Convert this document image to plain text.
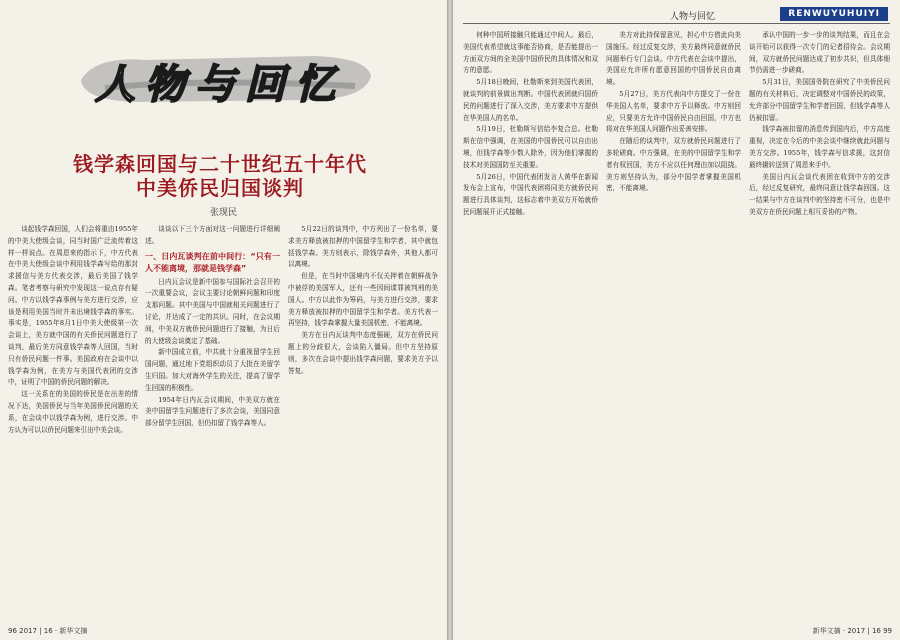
人物与回忆
钱学森回国与二十世纪五十年代
中美侨民归国谈判
张现民

谈起钱学森回国，人们会将重由1955年的中美大使级会谈，同当时国广泛流传着这样一样说点。在周恩来的指示下，中方代表在中美大使级会谈中利用钱学森写给的那封求援信与美方代表交涉，最后美国了钱学森。笔者考察与研究中发现这一说点存有疑问。中方以钱学森事例与美方进行交涉，应该是利用美国当时并未出境钱学森的事实。事实是，1955年8月1日中美大使级第一次会谈上，美方就中国的有关侨民问题进行了谈判，最后美方同意钱学森等人回国，当时只有侨民问题一件事。美国政府在会谈中以钱学森为例，在美方与美国代表团的交涉中，证明了中国的侨民问题的解决。

这一关系在的美国的侨民是在出差的情况下达，美国侨民与当年美国侨民问题的关系，在会谈中以钱学森为例，进行交涉。中方认为可以以侨民问题来引出中美会谈。

谈谈以下三个方面对这一问题进行详细阐述。

一、日内瓦谈判在前中间行：“只有一人不能离境，那就是钱学森”

日内瓦会议是新中国参与国际社会召开的一次重要会议，会议主要讨论朝鲜问题和印度支那问题。其中美国与中国就相关问题进行了讨论，并达成了一定的共识。同时，在会议期间，中美双方就侨民问题进行了接触，为日后的大使级会谈奠定了基础。

新中国成立前，中共就十分重视留学生回国问题，通过地下党组织动员了大批在美留学生归国。加大对海外学生的关注，提高了留学生回国的积极性。

1954年日内瓦会议期间，中美双方就在美中国留学生问题进行了多次会谈，美国同意部分留学生回国，但仍扣留了钱学森等人。

5月22日的谈判中，中方列出了一份名单，要求美方释放被扣押的中国留学生和学者，其中就包括钱学森。美方则表示，除钱学森外，其他人都可以离境。

但是，在当时中国境内不仅关押着在朝鲜战争中被俘的美国军人，还有一些因间谍罪被判刑的美国人。中方以此作为筹码，与美方进行交涉，要求美方释放被扣押的中国留学生和学者。美方代表一再坚持，钱学森掌握大量美国机密，不能离境。

美方在日内瓦谈判中态度强硬，双方在侨民问题上的分歧很大，会谈陷入僵局。但中方坚持原则，多次在会谈中提出钱学森问题，要求美方予以答复。

96 2017 | 16 · 新华文摘
人物与回忆	RENWUYUHUIYI

何种中国所接触只能通过中间人。最后，美国代表希望就这事能否协商，是否能提出一方面双方间的全美国中国侨民的具体情况和双方的意愿。

5月18日晚间，杜勒斯来到美国代表团，就谈判的前景做出判断。中国代表团就归国侨民的问题进行了深入交涉，美方要求中方提供在华美国人的名单。

5月19日，杜勒斯写信给李复合总。杜勒斯在信中强调，在美国的中国侨民可以自由出境，但钱学森等少数人除外，因为他们掌握的技术对美国国防至关重要。

5月26日，中国代表团发言人黄华在新闻发布会上宣布，中国代表团将同美方就侨民问题进行具体谈判，这标志着中美双方开始就侨民问题展开正式接触。

美方对此持保留意见，担心中方借此向美国施压。经过反复交涉，美方最终同意就侨民问题举行专门会谈。中方代表在会谈中提出，美国应允许所有愿意回国的中国侨民自由离境。

5月27日，美方代表向中方提交了一份在华美国人名单，要求中方予以释放。中方则回应，只要美方允许中国侨民自由回国，中方也将对在华美国人问题作出妥善安排。

在随后的谈判中，双方就侨民问题进行了多轮磋商。中方强调，在美的中国留学生和学者有权回国，美方不应以任何理由加以阻挠。美方则坚持认为，部分中国学者掌握美国机密，不能离境。

承认中国的一步一步的谈判结果，而且在会谈开始可以获得一次专门的记者招待会。会议期间，双方就侨民问题达成了初步共识，但具体细节仍需进一步磋商。

5月31日，美国国务院在研究了中美侨民问题的有关材料后，决定调整对中国侨民的政策，允许部分中国留学生和学者回国，但钱学森等人仍被扣留。

钱学森被扣留的消息传到国内后，中方高度重视，决定在今后的中美会谈中继续就此问题与美方交涉。1955年，钱学森写信求援，这封信最终辗转送到了周恩来手中。

美国日内瓦会谈代表团在收到中方的交涉后，经过反复研究，最终同意让钱学森回国。这一结果与中方在谈判中的坚持密不可分，也是中美双方在侨民问题上相互妥协的产物。

新华文摘 · 2017 | 16 99
